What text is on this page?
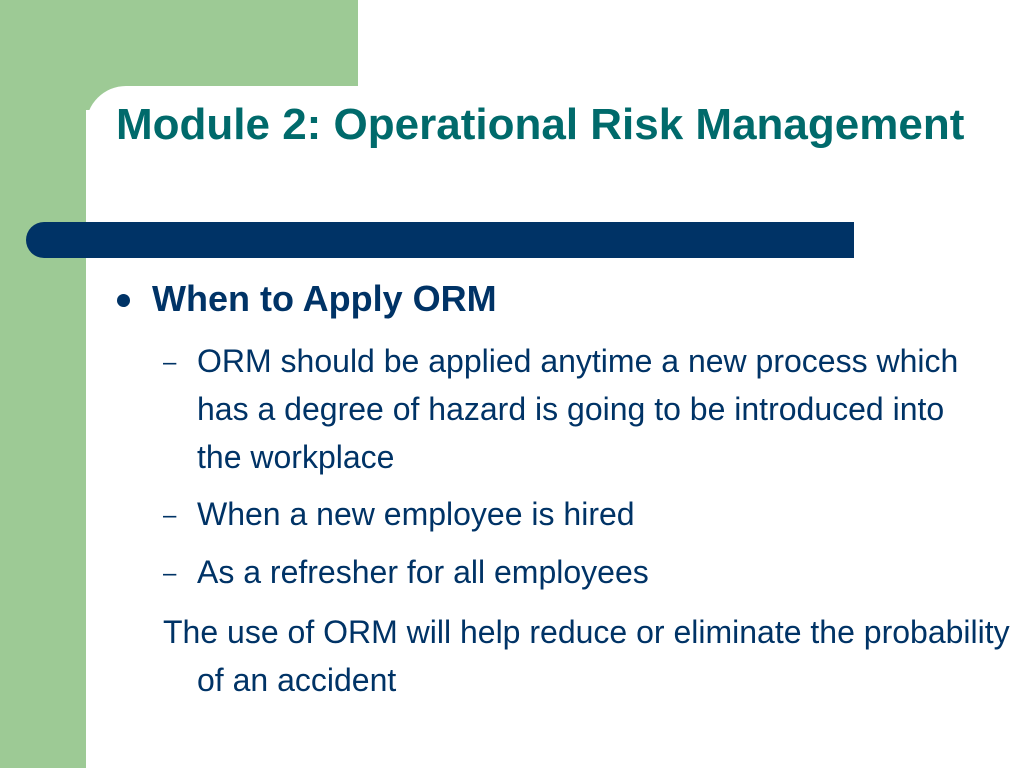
Module 2: Operational Risk Management

When to Apply ORM

– ORM should be applied anytime a new process which has a degree of hazard is going to be introduced into the workplace

– When a new employee is hired

– As a refresher for all employees

The use of ORM will help reduce or eliminate the probability of an accident
